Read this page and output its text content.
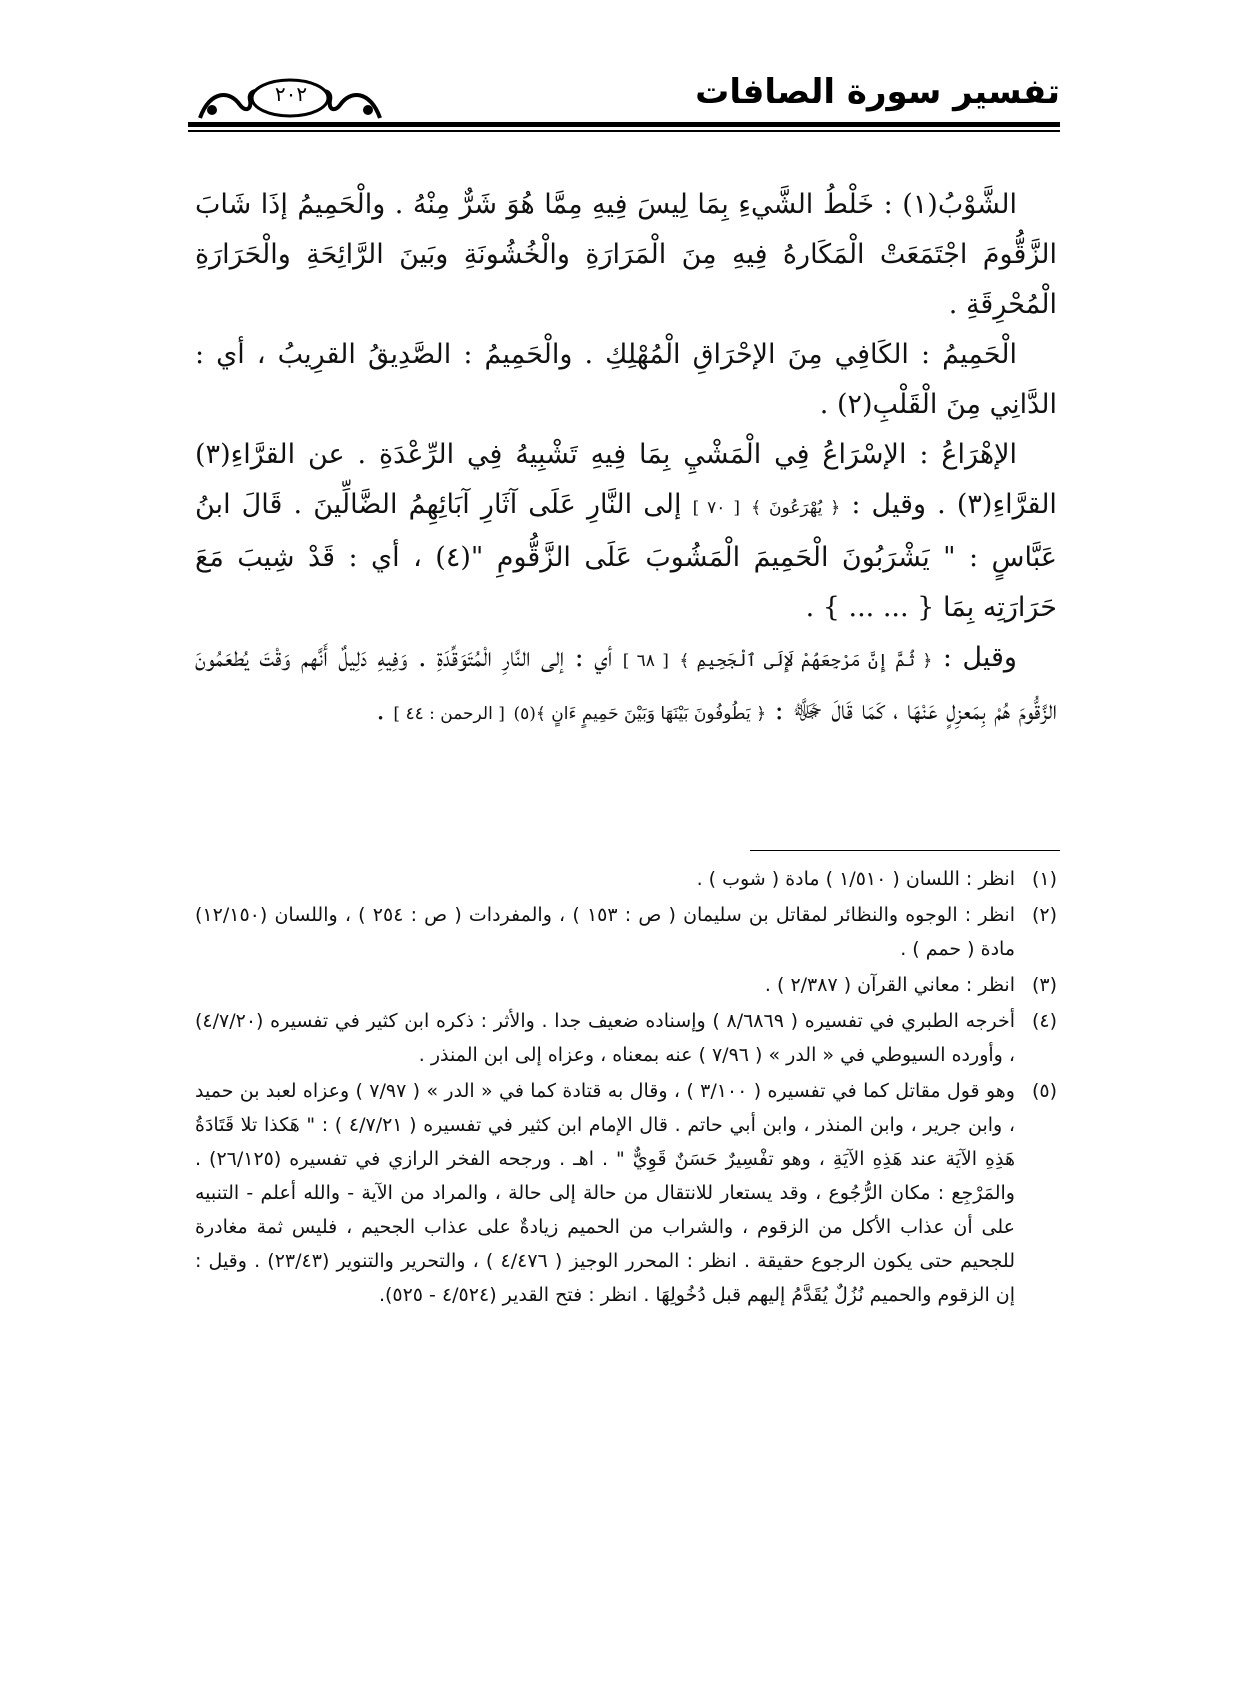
تفسير سورة الصافات
٢٠٢

الشَّوْبُ(١) : خَلْطُ الشَّيءِ بِمَا لِيسَ فِيهِ مِمَّا هُوَ شَرٌّ مِنْهُ . والْحَمِيمُ إذَا شَابَ الزَّقُّومَ اجْتَمَعَتْ الْمَكَارهُ فِيهِ مِنَ الْمَرَارَةِ والْخُشُونَةِ وبَينَ الرَّائِحَةِ والْحَرَارَةِ الْمُحْرِقَةِ .

الْحَمِيمُ : الكَافِي مِنَ الإحْرَاقِ الْمُهْلِكِ . والْحَمِيمُ : الصَّدِيقُ القرِيبُ ، أي : الدَّانِي مِنَ الْقَلْبِ(٢) .

الإهْرَاعُ : الإسْرَاعُ فِي الْمَشْيِ بِمَا فِيهِ تَشْبِيهُ فِي الرِّعْدَةِ . عن القرَّاءِ(٣) القرَّاءِ(٣) . وقيل : ﴿ يُهْرَعُونَ ﴾ [ ٧٠ ] إلى النَّارِ عَلَى آثَارِ آبَائِهِمُ الضَّالِّينَ . قَالَ ابنُ عَبَّاسٍ : " يَشْرَبُونَ الْحَمِيمَ الْمَشُوبَ عَلَى الزَّقُّومِ "(٤) ، أي : قَدْ شِيبَ مَعَ حَرَارَتِه بِمَا { ... ... } .

وقيل : ﴿ ثُمَّ إِنَّ مَرْجِعَهُمْ لَإِلَى ٱلْجَحِيمِ ﴾ [ ٦٨ ] أي : إلى النَّارِ الْمُتَوَقِّدَةِ . وَفِيهِ دَلِيلٌ أَنَّهم وَقْتَ يُطعَمُونَ الزَّقُّومَ هُمْ بِمَعزِلٍ عَنْهَا ، كَمَا قَالَ ﷻ : ﴿ يَطُوفُونَ بَيْنَهَا وَبَيْنَ حَمِيمٍ ءَانٍ ﴾(٥) [ الرحمن : ٤٤ ] .

(١)
انظر : اللسان ( ١/٥١٠ ) مادة ( شوب ) .
(٢)
انظر : الوجوه والنظائر لمقاتل بن سليمان ( ص : ١٥٣ ) ، والمفردات ( ص : ٢٥٤ ) ، واللسان (١٢/١٥٠) مادة ( حمم ) .
(٣)
انظر : معاني القرآن ( ٢/٣٨٧ ) .
(٤)
أخرجه الطبري في تفسيره ( ٨/٦٨٦٩ ) وإسناده ضعيف جدا . والأثر : ذكره ابن كثير في تفسيره (٤/٧/٢٠) ، وأورده السيوطي في « الدر » ( ٧/٩٦ ) عنه بمعناه ، وعزاه إلى ابن المنذر .
(٥)
وهو قول مقاتل كما في تفسيره ( ٣/١٠٠ ) ، وقال به قتادة كما في « الدر » ( ٧/٩٧ ) وعزاه لعبد بن حميد ، وابن جرير ، وابن المنذر ، وابن أبي حاتم . قال الإمام ابن كثير في تفسيره ( ٤/٧/٢١ ) : " هَكذا تلا قَتَادَةُ هَذِهِ الآيَة عند هَذِهِ الآيَةِ ، وهو تفْسِيرٌ حَسَنٌ قَوِيٌّ " . اهـ . ورجحه الفخر الرازي في تفسيره (٢٦/١٢٥) . والمَرْجِع : مكان الرُّجُوع ، وقد يستعار للانتقال من حالة إلى حالة ، والمراد من الآية - والله أعلم - التنبيه على أن عذاب الأكل من الزقوم ، والشراب من الحميم زيادةٌ على عذاب الجحيم ، فليس ثمة مغادرة للجحيم حتى يكون الرجوع حقيقة . انظر : المحرر الوجيز ( ٤/٤٧٦ ) ، والتحرير والتنوير (٢٣/٤٣) . وقيل : إن الزقوم والحميم نُزُلٌ يُقَدَّمُ إليهم قبل دُخُولِهَا . انظر : فتح القدير (٤/٥٢٤ - ٥٢٥).
